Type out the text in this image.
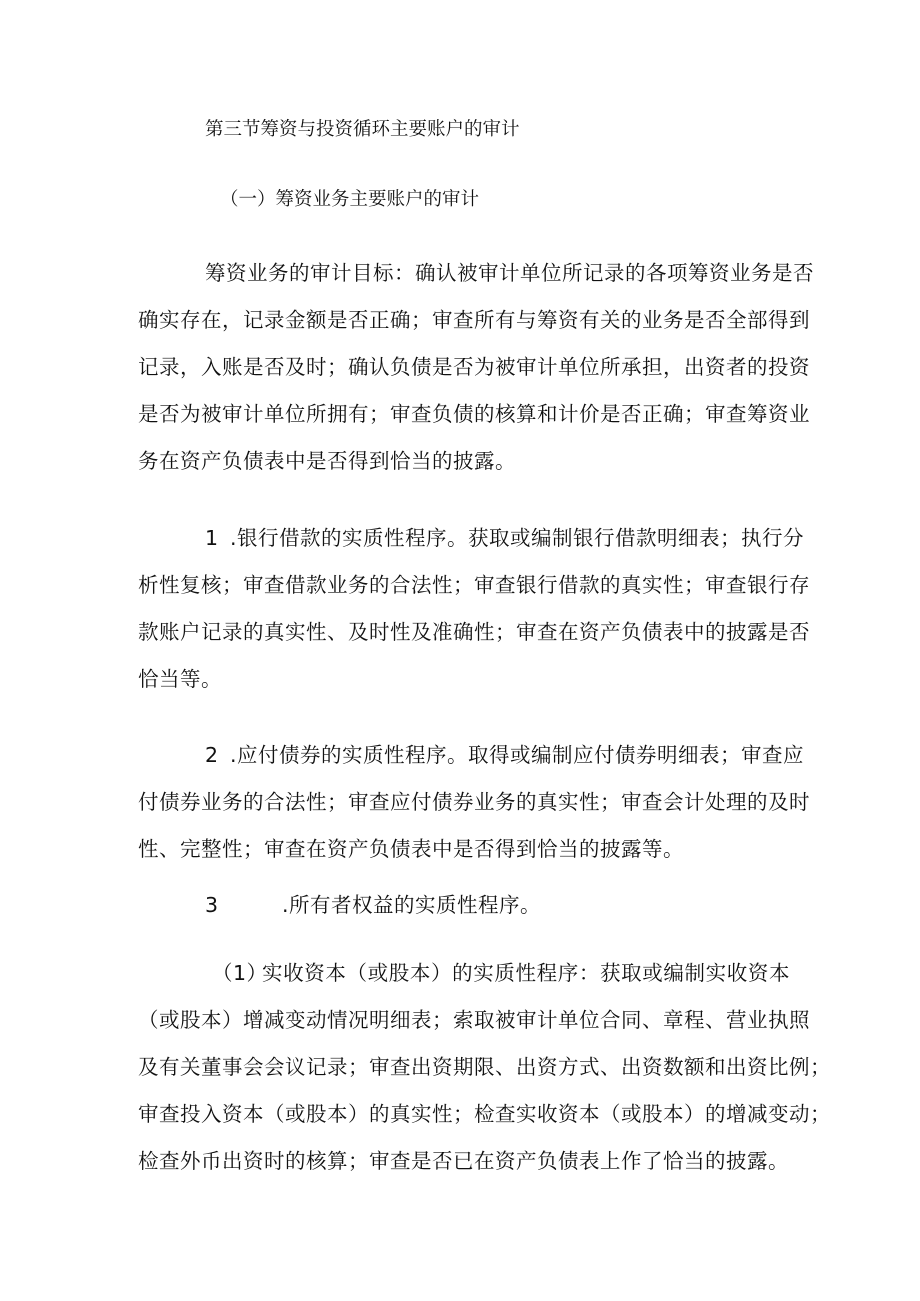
第三节筹资与投资循环主要账户的审计
（一）筹资业务主要账户的审计
筹资业务的审计目标：确认被审计单位所记录的各项筹资业务是否
确实存在，记录金额是否正确；审查所有与筹资有关的业务是否全部得到
记录，入账是否及时；确认负债是否为被审计单位所承担，出资者的投资
是否为被审计单位所拥有；审查负债的核算和计价是否正确；审查筹资业
务在资产负债表中是否得到恰当的披露。
1 .银行借款的实质性程序。获取或编制银行借款明细表；执行分
析性复核；审查借款业务的合法性；审查银行借款的真实性；审查银行存
款账户记录的真实性、及时性及准确性；审查在资产负债表中的披露是否
恰当等。
2 .应付债券的实质性程序。取得或编制应付债券明细表；审查应
付债券业务的合法性；审查应付债券业务的真实性；审查会计处理的及时
性、完整性；审查在资产负债表中是否得到恰当的披露等。
3	.所有者权益的实质性程序。
（1）
实收资本（或股本）的实质性程序：获取或编制实收资本
（或股本）增减变动情况明细表；索取被审计单位合同、章程、营业执照
及有关董事会会议记录；审查出资期限、出资方式、出资数额和出资比例；
审查投入资本（或股本）的真实性；检查实收资本（或股本）的增减变动；
检查外币出资时的核算；审查是否已在资产负债表上作了恰当的披露。
